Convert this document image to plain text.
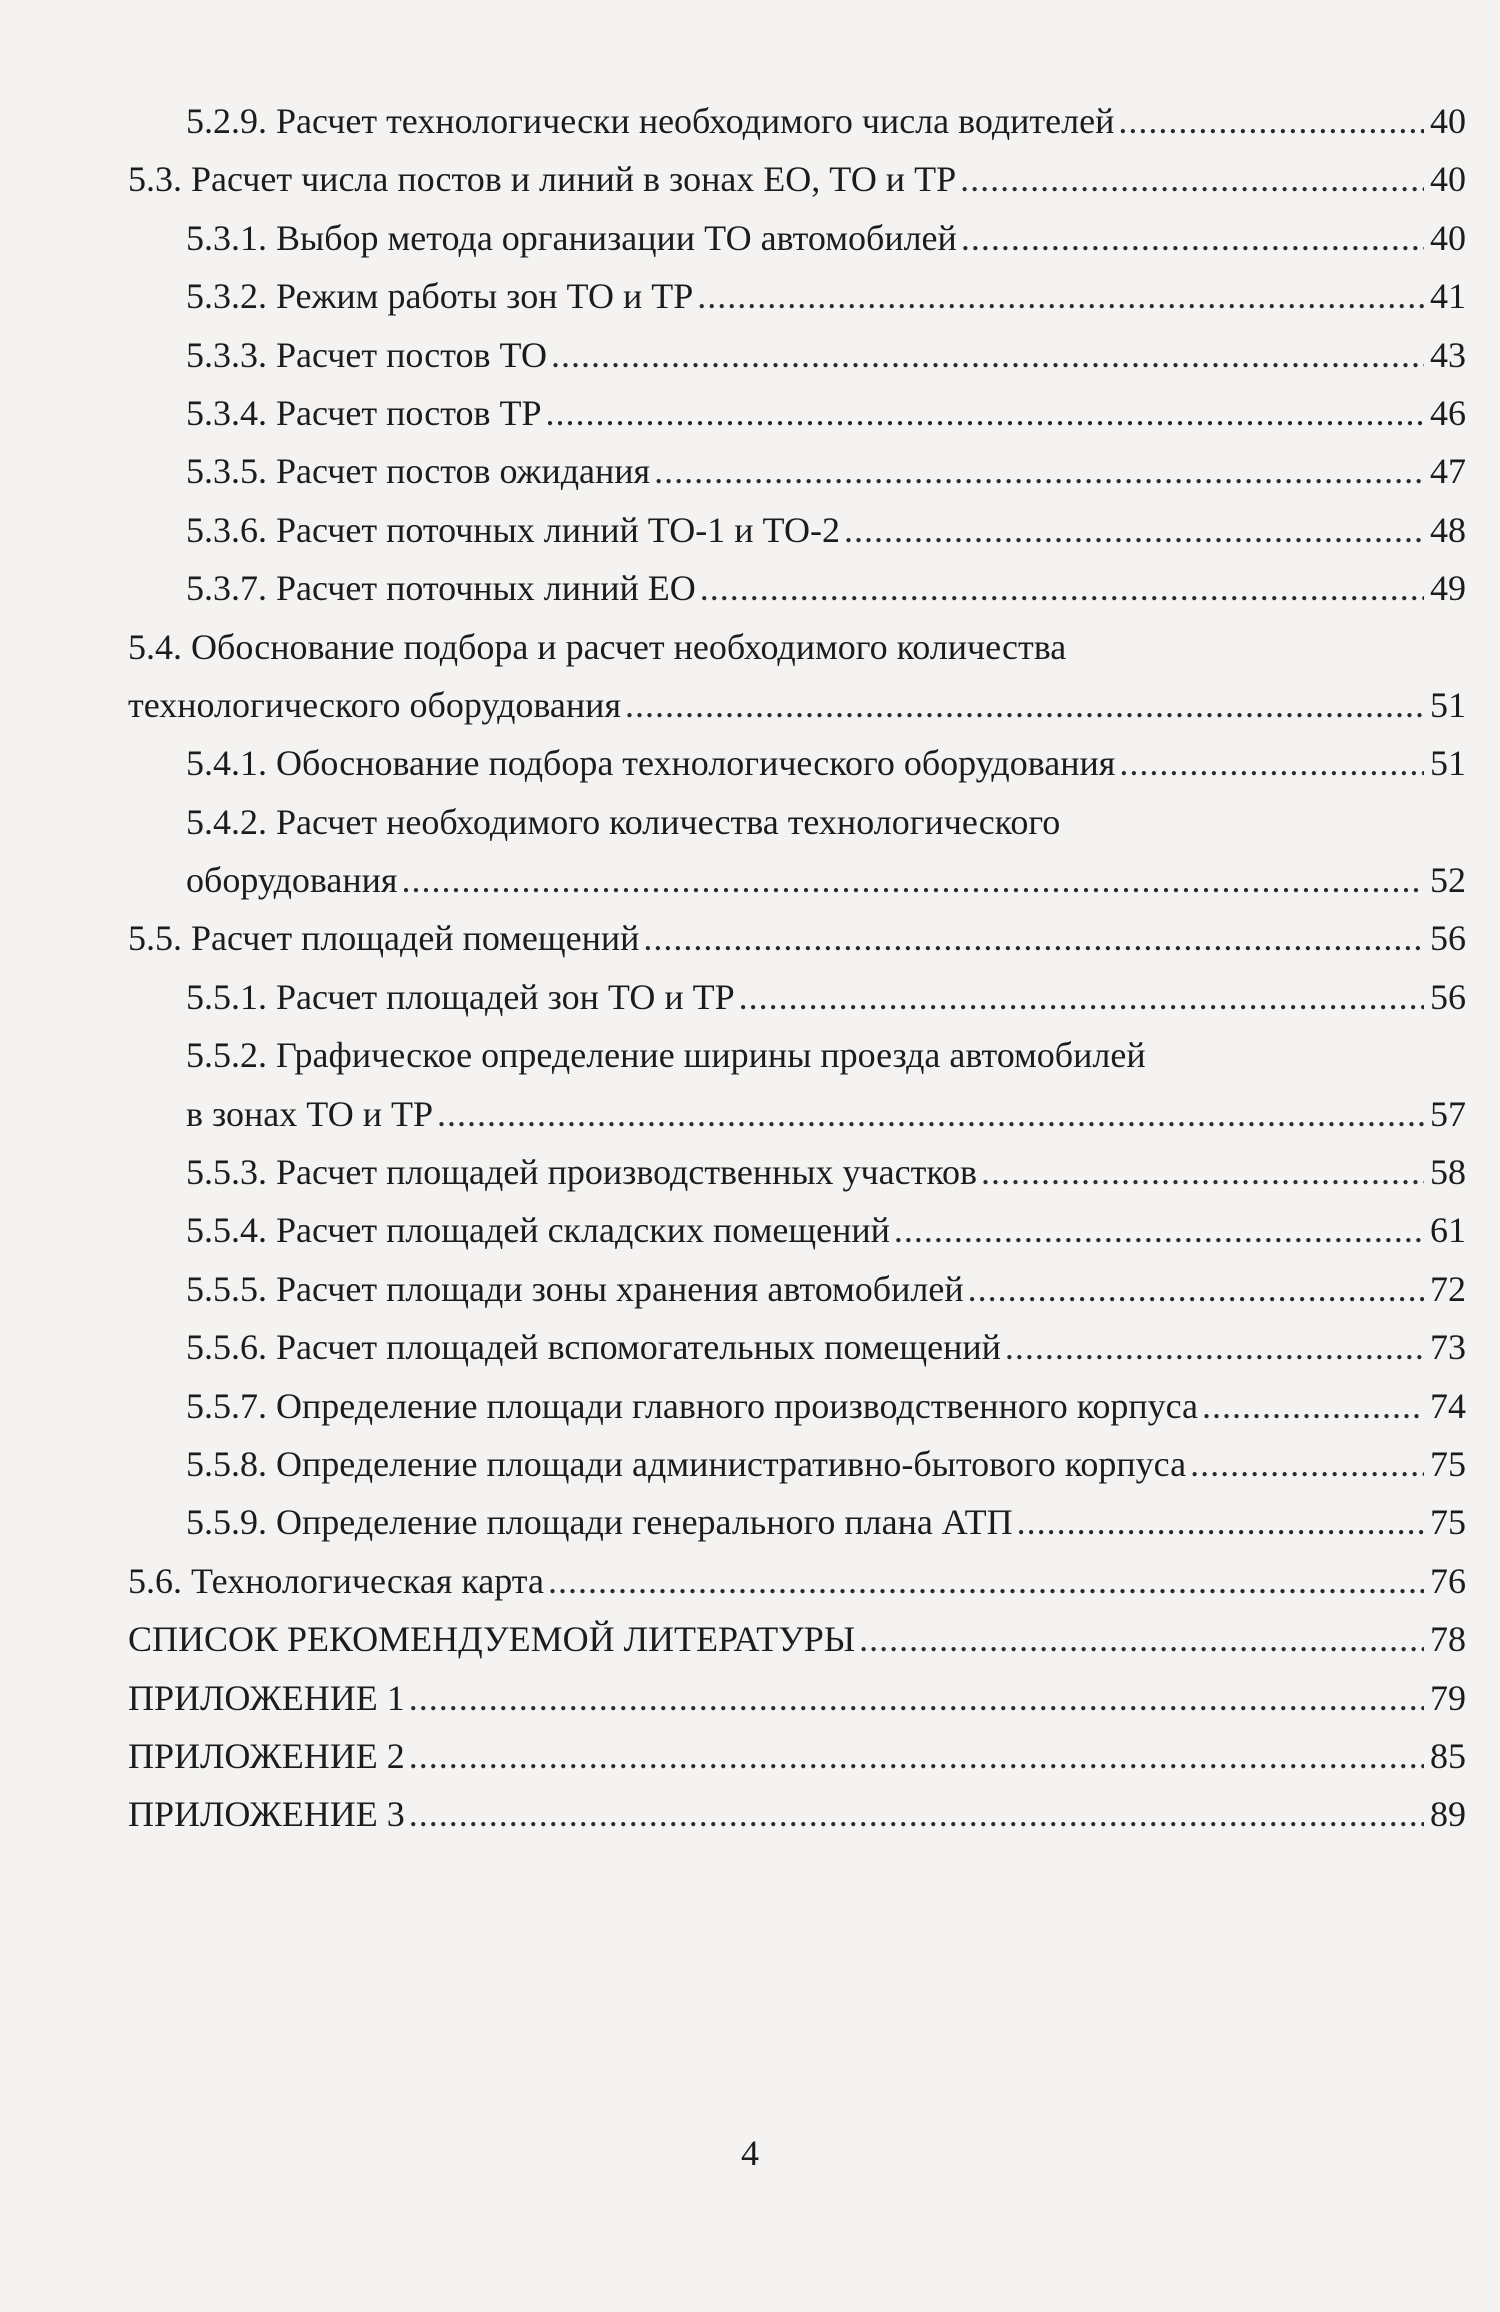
5.2.9. Расчет технологически необходимого числа водителей .....	40
5.3. Расчет числа постов и линий в зонах ЕО, ТО и ТР .....	40
5.3.1. Выбор метода организации ТО автомобилей .....	40
5.3.2. Режим работы зон ТО и ТР .....	41
5.3.3. Расчет постов ТО .....	43
5.3.4. Расчет постов ТР .....	46
5.3.5. Расчет постов ожидания .....	47
5.3.6. Расчет поточных линий ТО-1 и ТО-2 .....	48
5.3.7. Расчет поточных линий ЕО .....	49
5.4. Обоснование подбора и расчет необходимого количества
технологического оборудования .....	51
5.4.1. Обоснование подбора технологического оборудования .....	51
5.4.2. Расчет необходимого количества технологического
оборудования .....	52
5.5. Расчет площадей помещений .....	56
5.5.1. Расчет площадей зон ТО и ТР .....	56
5.5.2. Графическое определение ширины проезда автомобилей
в зонах ТО и ТР .....	57
5.5.3. Расчет площадей производственных участков .....	58
5.5.4. Расчет площадей складских помещений .....	61
5.5.5. Расчет площади зоны хранения автомобилей .....	72
5.5.6. Расчет площадей вспомогательных помещений .....	73
5.5.7. Определение площади главного производственного корпуса .....	74
5.5.8. Определение площади административно-бытового корпуса .....	75
5.5.9. Определение площади генерального плана АТП .....	75
5.6. Технологическая карта .....	76
СПИСОК РЕКОМЕНДУЕМОЙ ЛИТЕРАТУРЫ .....	78
ПРИЛОЖЕНИЕ 1 .....	79
ПРИЛОЖЕНИЕ 2 .....	85
ПРИЛОЖЕНИЕ 3 .....	89
4
